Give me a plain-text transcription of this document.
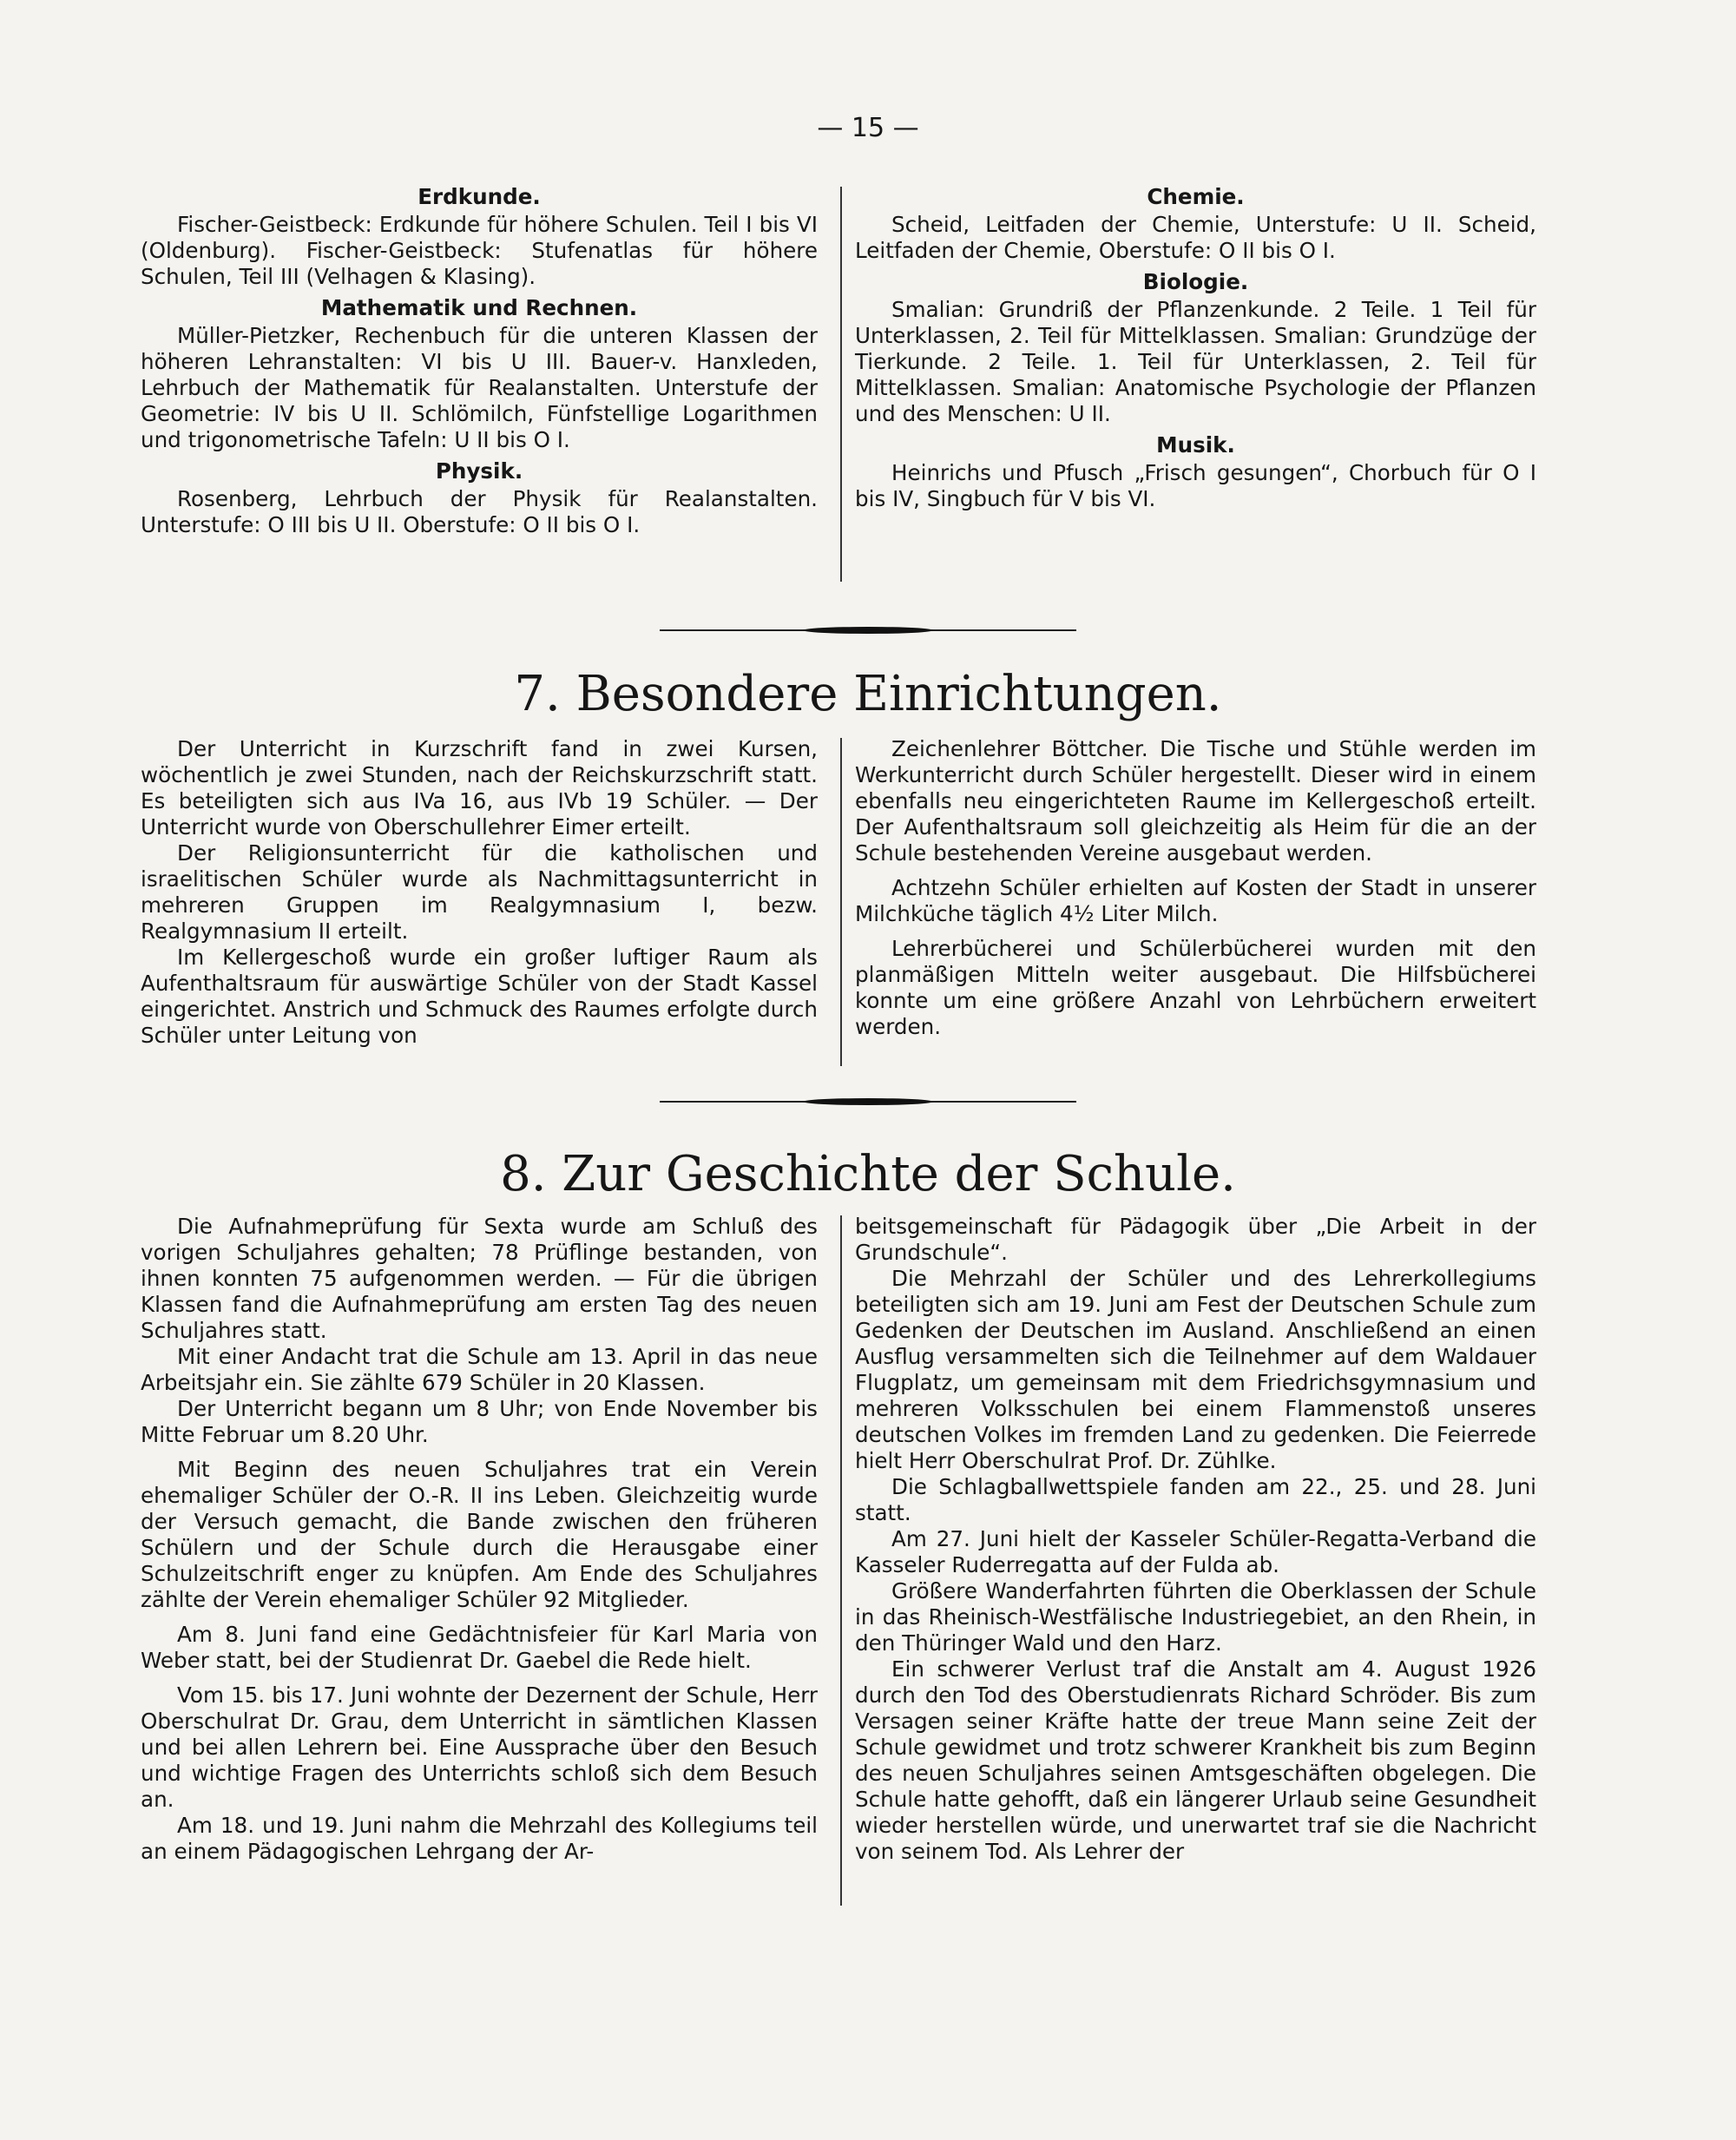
— 15 —
Erdkunde.

Fischer-Geistbeck: Erdkunde für höhere Schulen. Teil I bis VI (Oldenburg). Fischer-Geistbeck: Stufenatlas für höhere Schulen, Teil III (Velhagen & Klasing).

Mathematik und Rechnen.

Müller-Pietzker, Rechenbuch für die unteren Klassen der höheren Lehranstalten: VI bis U III. Bauer-v. Hanxleden, Lehrbuch der Mathematik für Realanstalten. Unterstufe der Geometrie: IV bis U II. Schlömilch, Fünfstellige Logarithmen und trigonometrische Tafeln: U II bis O I.

Physik.

Rosenberg, Lehrbuch der Physik für Realanstalten. Unterstufe: O III bis U II. Oberstufe: O II bis O I.

Chemie.

Scheid, Leitfaden der Chemie, Unterstufe: U II. Scheid, Leitfaden der Chemie, Oberstufe: O II bis O I.

Biologie.

Smalian: Grundriß der Pflanzenkunde. 2 Teile. 1 Teil für Unterklassen, 2. Teil für Mittelklassen. Smalian: Grundzüge der Tierkunde. 2 Teile. 1. Teil für Unterklassen, 2. Teil für Mittelklassen. Smalian: Anatomische Psychologie der Pflanzen und des Menschen: U II.

Musik.

Heinrichs und Pfusch „Frisch gesungen“, Chorbuch für O I bis IV, Singbuch für V bis VI.

7. Besondere Einrichtungen.

Der Unterricht in Kurzschrift fand in zwei Kursen, wöchentlich je zwei Stunden, nach der Reichskurzschrift statt. Es beteiligten sich aus IVa 16, aus IVb 19 Schüler. — Der Unterricht wurde von Oberschullehrer Eimer erteilt.

Der Religionsunterricht für die katholischen und israelitischen Schüler wurde als Nachmittagsunterricht in mehreren Gruppen im Realgymnasium I, bezw. Realgymnasium II erteilt.

Im Kellergeschoß wurde ein großer luftiger Raum als Aufenthaltsraum für auswärtige Schüler von der Stadt Kassel eingerichtet. Anstrich und Schmuck des Raumes erfolgte durch Schüler unter Leitung von

Zeichenlehrer Böttcher. Die Tische und Stühle werden im Werkunterricht durch Schüler hergestellt. Dieser wird in einem ebenfalls neu eingerichteten Raume im Kellergeschoß erteilt. Der Aufenthaltsraum soll gleichzeitig als Heim für die an der Schule bestehenden Vereine ausgebaut werden.

Achtzehn Schüler erhielten auf Kosten der Stadt in unserer Milchküche täglich 4½ Liter Milch.

Lehrerbücherei und Schülerbücherei wurden mit den planmäßigen Mitteln weiter ausgebaut. Die Hilfsbücherei konnte um eine größere Anzahl von Lehrbüchern erweitert werden.

8. Zur Geschichte der Schule.

Die Aufnahmeprüfung für Sexta wurde am Schluß des vorigen Schuljahres gehalten; 78 Prüflinge bestanden, von ihnen konnten 75 aufgenommen werden. — Für die übrigen Klassen fand die Aufnahmeprüfung am ersten Tag des neuen Schuljahres statt.

Mit einer Andacht trat die Schule am 13. April in das neue Arbeitsjahr ein. Sie zählte 679 Schüler in 20 Klassen.

Der Unterricht begann um 8 Uhr; von Ende November bis Mitte Februar um 8.20 Uhr.

Mit Beginn des neuen Schuljahres trat ein Verein ehemaliger Schüler der O.-R. II ins Leben. Gleichzeitig wurde der Versuch gemacht, die Bande zwischen den früheren Schülern und der Schule durch die Herausgabe einer Schulzeitschrift enger zu knüpfen. Am Ende des Schuljahres zählte der Verein ehemaliger Schüler 92 Mitglieder.

Am 8. Juni fand eine Gedächtnisfeier für Karl Maria von Weber statt, bei der Studienrat Dr. Gaebel die Rede hielt.

Vom 15. bis 17. Juni wohnte der Dezernent der Schule, Herr Oberschulrat Dr. Grau, dem Unterricht in sämtlichen Klassen und bei allen Lehrern bei. Eine Aussprache über den Besuch und wichtige Fragen des Unterrichts schloß sich dem Besuch an.

Am 18. und 19. Juni nahm die Mehrzahl des Kollegiums teil an einem Pädagogischen Lehrgang der Ar-

beitsgemeinschaft für Pädagogik über „Die Arbeit in der Grundschule“.

Die Mehrzahl der Schüler und des Lehrerkollegiums beteiligten sich am 19. Juni am Fest der Deutschen Schule zum Gedenken der Deutschen im Ausland. Anschließend an einen Ausflug versammelten sich die Teilnehmer auf dem Waldauer Flugplatz, um gemeinsam mit dem Friedrichsgymnasium und mehreren Volksschulen bei einem Flammenstoß unseres deutschen Volkes im fremden Land zu gedenken. Die Feierrede hielt Herr Oberschulrat Prof. Dr. Zühlke.

Die Schlagballwettspiele fanden am 22., 25. und 28. Juni statt.

Am 27. Juni hielt der Kasseler Schüler-Regatta-Verband die Kasseler Ruderregatta auf der Fulda ab.

Größere Wanderfahrten führten die Oberklassen der Schule in das Rheinisch-Westfälische Industriegebiet, an den Rhein, in den Thüringer Wald und den Harz.

Ein schwerer Verlust traf die Anstalt am 4. August 1926 durch den Tod des Oberstudienrats Richard Schröder. Bis zum Versagen seiner Kräfte hatte der treue Mann seine Zeit der Schule gewidmet und trotz schwerer Krankheit bis zum Beginn des neuen Schuljahres seinen Amtsgeschäften obgelegen. Die Schule hatte gehofft, daß ein längerer Urlaub seine Gesundheit wieder herstellen würde, und unerwartet traf sie die Nachricht von seinem Tod. Als Lehrer der
